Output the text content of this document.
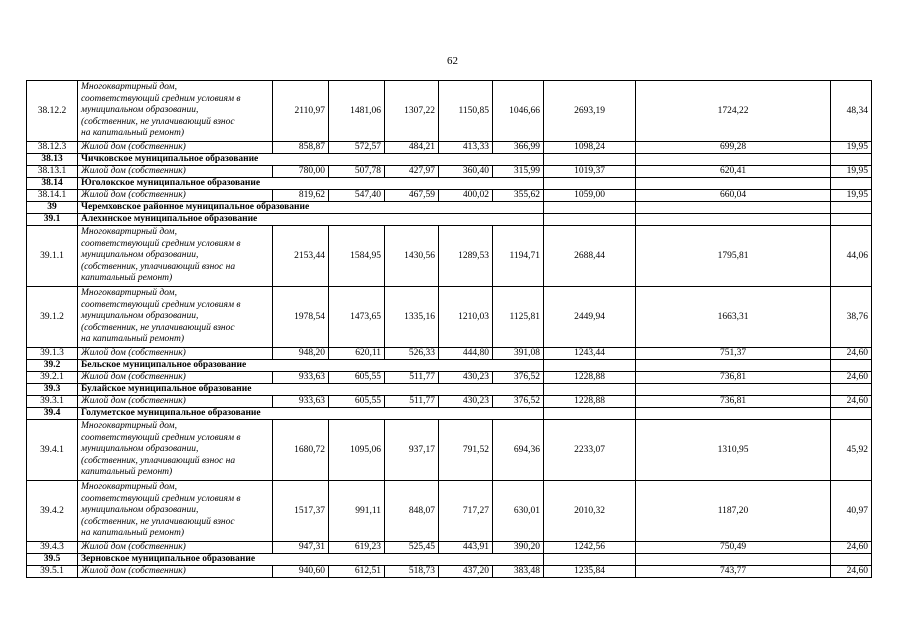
62
38.12.2	Многоквартирный дом,
соответствующий средним условиям в
муниципальном образовании,
(собственник, не уплачивающий взнос
на капитальный ремонт)	2110,97	1481,06	1307,22	1150,85	1046,66	2693,19	1724,22	48,34
38.12.3	Жилой дом (собственник)	858,87	572,57	484,21	413,33	366,99	1098,24	699,28	19,95
38.13	Чичковское муниципальное образование								
38.13.1	Жилой дом (собственник)	780,00	507,78	427,97	360,40	315,99	1019,37	620,41	19,95
38.14	Юголокское муниципальное образование								
38.14.1	Жилой дом (собственник)	819,62	547,40	467,59	400,02	355,62	1059,00	660,04	19,95
39	Черемховское районное муниципальное образование								
39.1	Алехинское муниципальное образование								
39.1.1	Многоквартирный дом,
соответствующий средним условиям в
муниципальном образовании,
(собственник, уплачивающий взнос на
капитальный ремонт)	2153,44	1584,95	1430,56	1289,53	1194,71	2688,44	1795,81	44,06
39.1.2	Многоквартирный дом,
соответствующий средним условиям в
муниципальном образовании,
(собственник, не уплачивающий взнос
на капитальный ремонт)	1978,54	1473,65	1335,16	1210,03	1125,81	2449,94	1663,31	38,76
39.1.3	Жилой дом (собственник)	948,20	620,11	526,33	444,80	391,08	1243,44	751,37	24,60
39.2	Бельское муниципальное образование								
39.2.1	Жилой дом (собственник)	933,63	605,55	511,77	430,23	376,52	1228,88	736,81	24,60
39.3	Булайское муниципальное образование								
39.3.1	Жилой дом (собственник)	933,63	605,55	511,77	430,23	376,52	1228,88	736,81	24,60
39.4	Голуметское муниципальное образование								
39.4.1	Многоквартирный дом,
соответствующий средним условиям в
муниципальном образовании,
(собственник, уплачивающий взнос на
капитальный ремонт)	1680,72	1095,06	937,17	791,52	694,36	2233,07	1310,95	45,92
39.4.2	Многоквартирный дом,
соответствующий средним условиям в
муниципальном образовании,
(собственник, не уплачивающий взнос
на капитальный ремонт)	1517,37	991,11	848,07	717,27	630,01	2010,32	1187,20	40,97
39.4.3	Жилой дом (собственник)	947,31	619,23	525,45	443,91	390,20	1242,56	750,49	24,60
39.5	Зерновское муниципальное образование								
39.5.1	Жилой дом (собственник)	940,60	612,51	518,73	437,20	383,48	1235,84	743,77	24,60
